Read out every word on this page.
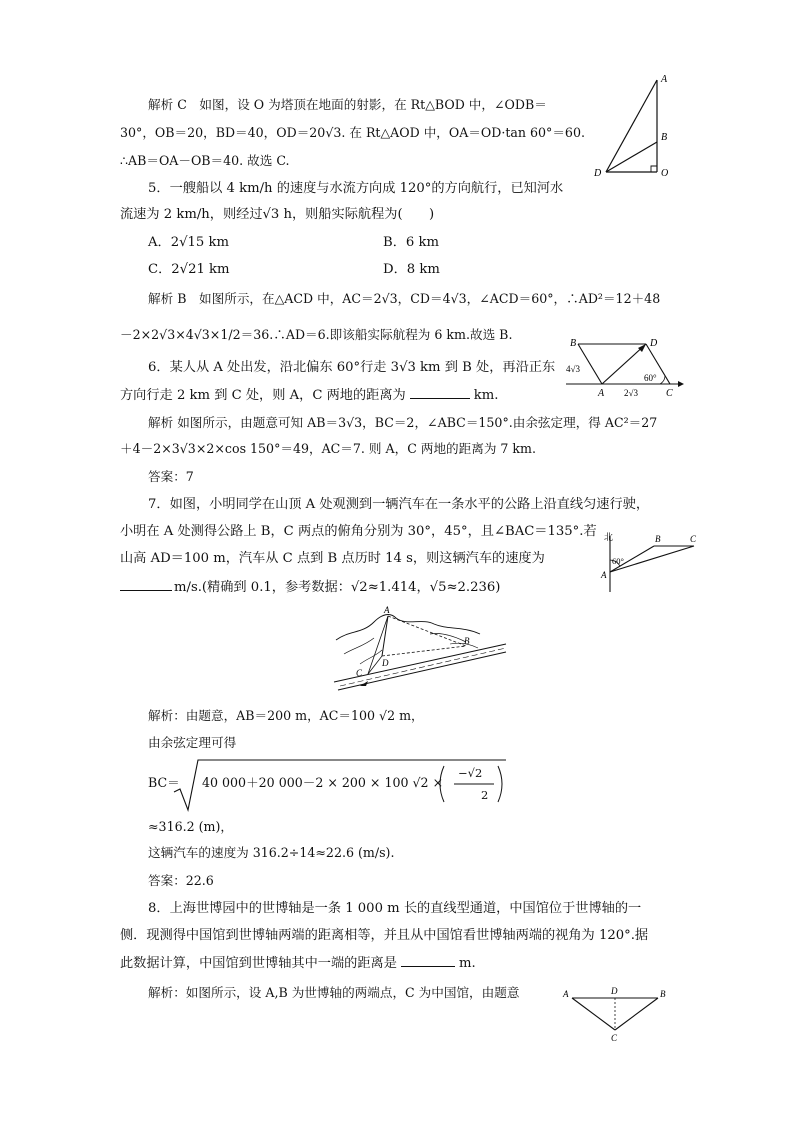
解析 C　如图，设 O 为塔顶在地面的射影，在 Rt△BOD 中，∠ODB＝
30°，OB＝20，BD＝40，OD＝20√3. 在 Rt△AOD 中，OA＝OD·tan 60°＝60.
∴AB＝OA－OB＝40. 故选 C.
A
B
D	O
5．一艘船以 4 km/h 的速度与水流方向成 120°的方向航行，已知河水
流速为 2 km/h，则经过√3 h，则船实际航程为(　　)
A．2√15 km	B．6 km
C．2√21 km	D．8 km
解析 B　如图所示，在△ACD 中，AC＝2√3，CD＝4√3，∠ACD＝60°，∴AD²＝12＋48
－2×2√3×4√3×1/2＝36.∴AD＝6.即该船实际航程为 6 km.故选 B.
6．某人从 A 处出发，沿北偏东 60°行走 3√3 km 到 B 处，再沿正东
方向行走 2 km 到 C 处，则 A，C 两地的距离为	km.
解析 如图所示，由题意可知 AB＝3√3，BC＝2，∠ABC＝150°.由余弦定理，得 AC²＝27
＋4－2×3√3×2×cos 150°＝49，AC＝7. 则 A，C 两地的距离为 7 km.
答案：7
B	D
A	C
4√3
2√3
60°
7．如图，小明同学在山顶 A 处观测到一辆汽车在一条水平的公路上沿直线匀速行驶，
小明在 A 处测得公路上 B，C 两点的俯角分别为 30°，45°，且∠BAC＝135°.若
山高 AD＝100 m，汽车从 C 点到 B 点历时 14 s，则这辆汽车的速度为
m/s.(精确到 0.1，参考数据：√2≈1.414，√5≈2.236)
北
60°
A
B	C
A
D
C
B
解析：由题意，AB＝200 m，AC＝100 √2 m，
由余弦定理可得
BC＝ 40 000＋20 000－2 × 200 × 100 √2 ×
−√2
2
≈316.2 (m)，
这辆汽车的速度为 316.2÷14≈22.6 (m/s).
答案：22.6
8．上海世博园中的世博轴是一条 1 000 m 长的直线型通道，中国馆位于世博轴的一
侧．现测得中国馆到世博轴两端的距离相等，并且从中国馆看世博轴两端的视角为 120°.据
此数据计算，中国馆到世博轴其中一端的距离是	m.
解析：如图所示，设 A,B 为世博轴的两端点，C 为中国馆，由题意	A	D	B
C
